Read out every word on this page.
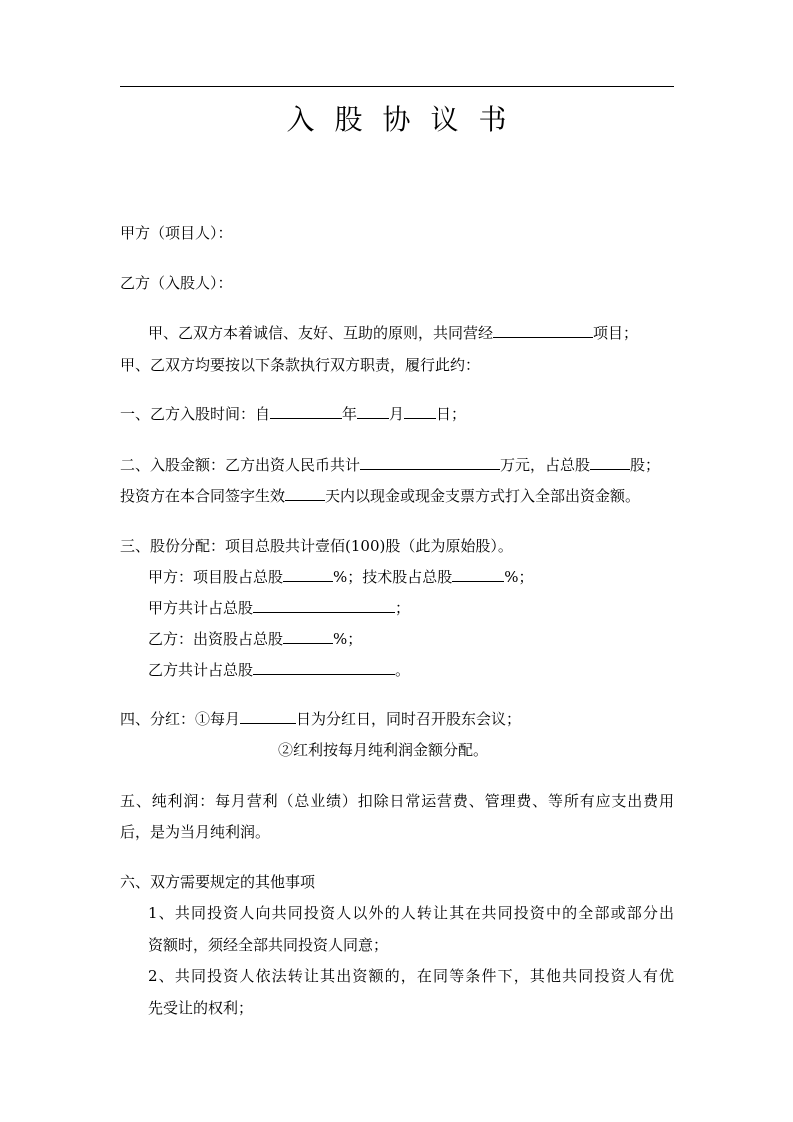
入股协议书
甲方（项目人）：
乙方（入股人）：
甲、乙双方本着诚信、友好、互助的原则，共同营经	项目；
甲、乙双方均要按以下条款执行双方职责，履行此约：
一、乙方入股时间：自	年 月 日；
二、入股金额：乙方出资人民币共计	万元，占总股	股；
投资方在本合同签字生效	天内以现金或现金支票方式打入全部出资金额。
三、股份分配：项目总股共计壹佰(100)股（此为原始股）。
甲方：项目股占总股	%；技术股占总股	%；
甲方共计占总股	；
乙方：出资股占总股	%；
乙方共计占总股	。
四、分红：①每月	日为分红日，同时召开股东会议；
②红利按每月纯利润金额分配。
五、纯利润：每月营利（总业绩）扣除日常运营费、管理费、等所有应支出费用
后，是为当月纯利润。
六、双方需要规定的其他事项
1、共同投资人向共同投资人以外的人转让其在共同投资中的全部或部分出
资额时，须经全部共同投资人同意；
2、共同投资人依法转让其出资额的，在同等条件下，其他共同投资人有优
先受让的权利；
